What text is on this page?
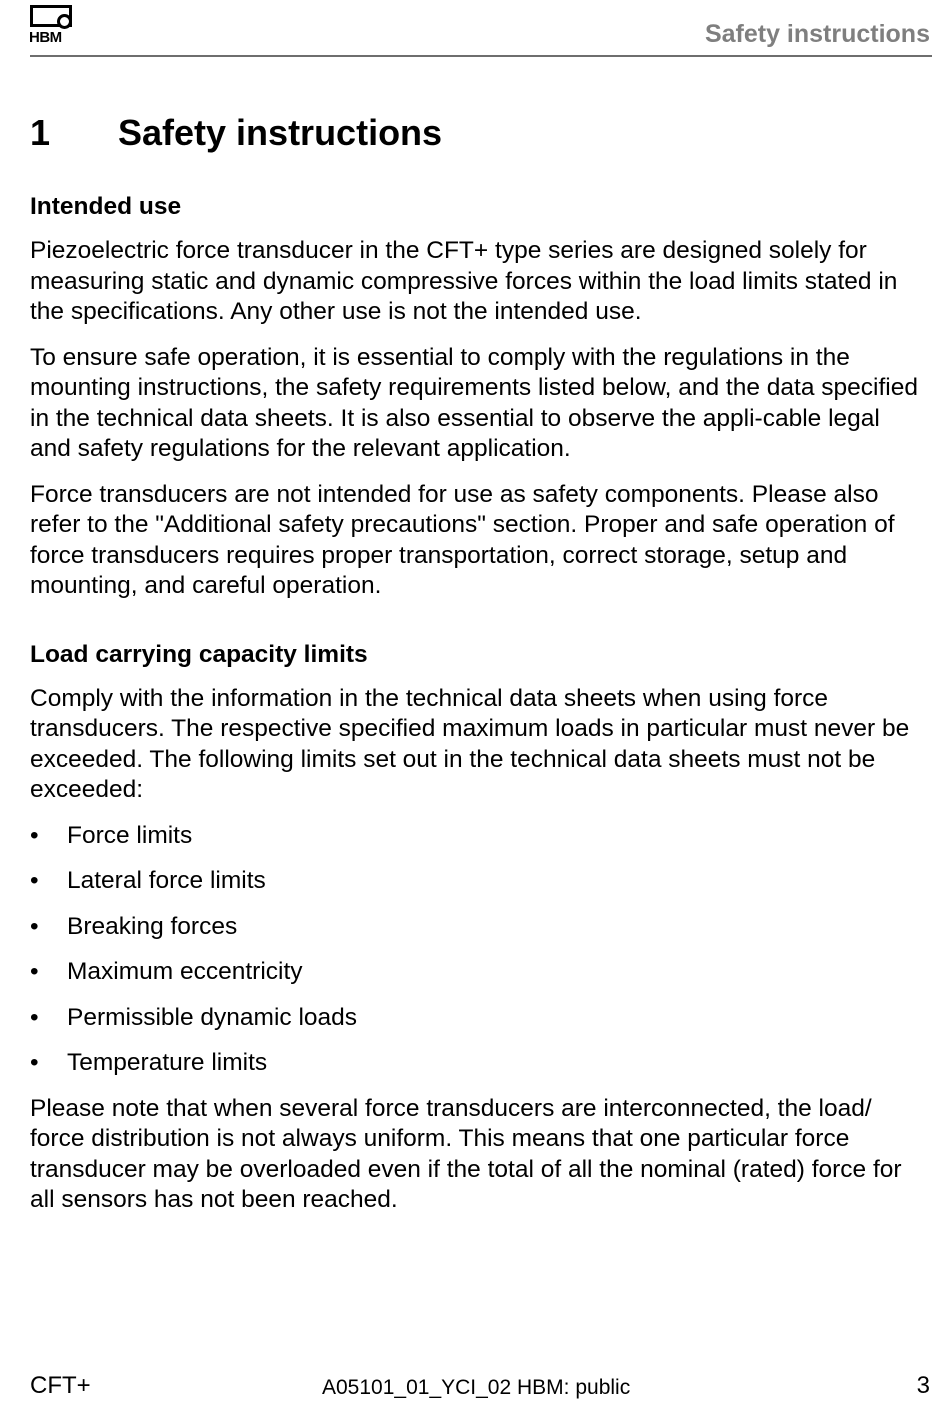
HBM	Safety instructions
1	Safety instructions
Intended use

Piezoelectric force transducer in the CFT+ type series are designed solely for measuring static and dynamic compressive forces within the load limits stated in the specifications. Any other use is not the intended use.

To ensure safe operation, it is essential to comply with the regulations in the mounting instructions, the safety requirements listed below, and the data specified in the technical data sheets. It is also essential to observe the appli-cable legal and safety regulations for the relevant application.

Force transducers are not intended for use as safety components. Please also refer to the "Additional safety precautions" section. Proper and safe operation of force transducers requires proper transportation, correct storage, setup and mounting, and careful operation.

Load carrying capacity limits

Comply with the information in the technical data sheets when using force transducers. The respective specified maximum loads in particular must never be exceeded. The following limits set out in the technical data sheets must not be exceeded:

•	Force limits
•	Lateral force limits
•	Breaking forces
•	Maximum eccentricity
•	Permissible dynamic loads
•	Temperature limits

Please note that when several force transducers are interconnected, the load/ force distribution is not always uniform. This means that one particular force transducer may be overloaded even if the total of all the nominal (rated) force for all sensors has not been reached.

CFT+	A05101_01_YCI_02 HBM: public	3
